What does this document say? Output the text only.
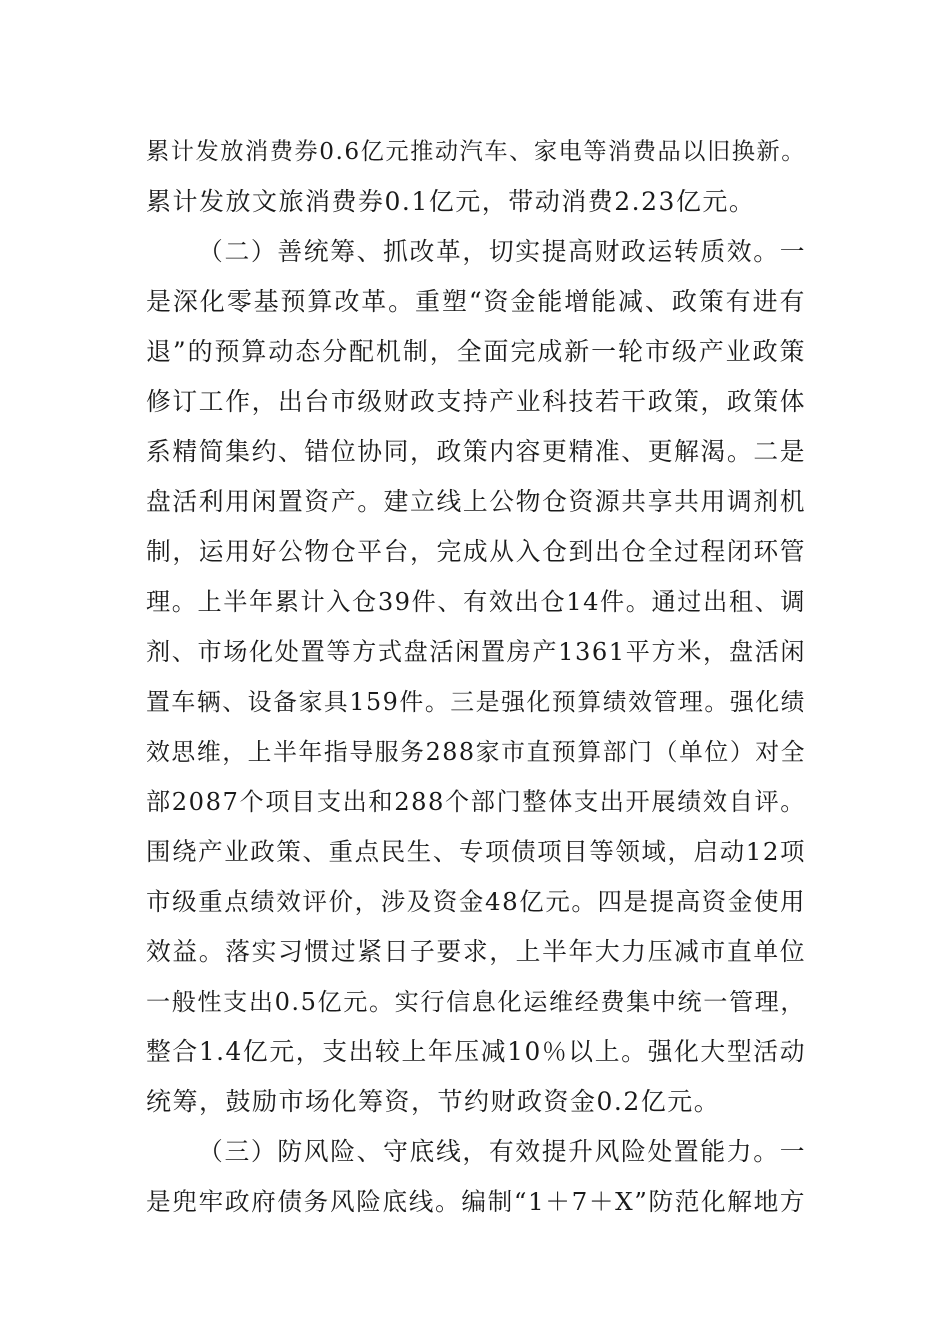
累计发放消费券0.6亿元推动汽车、家电等消费品以旧换新。
累计发放文旅消费券0.1亿元，带动消费2.23亿元。
（二）善统筹、抓改革，切实提高财政运转质效。一
是深化零基预算改革。重塑“资金能增能减、政策有进有
退”的预算动态分配机制，全面完成新一轮市级产业政策
修订工作，出台市级财政支持产业科技若干政策，政策体
系精简集约、错位协同，政策内容更精准、更解渴。二是
盘活利用闲置资产。建立线上公物仓资源共享共用调剂机
制，运用好公物仓平台，完成从入仓到出仓全过程闭环管
理。上半年累计入仓39件、有效出仓14件。通过出租、调
剂、市场化处置等方式盘活闲置房产1361平方米，盘活闲
置车辆、设备家具159件。三是强化预算绩效管理。强化绩
效思维，上半年指导服务288家市直预算部门（单位）对全
部2087个项目支出和288个部门整体支出开展绩效自评。
围绕产业政策、重点民生、专项债项目等领域，启动12项
市级重点绩效评价，涉及资金48亿元。四是提高资金使用
效益。落实习惯过紧日子要求，上半年大力压减市直单位
一般性支出0.5亿元。实行信息化运维经费集中统一管理，
整合1.4亿元，支出较上年压减10％以上。强化大型活动
统筹，鼓励市场化筹资，节约财政资金0.2亿元。
（三）防风险、守底线，有效提升风险处置能力。一
是兜牢政府债务风险底线。编制“1＋7＋X”防范化解地方
